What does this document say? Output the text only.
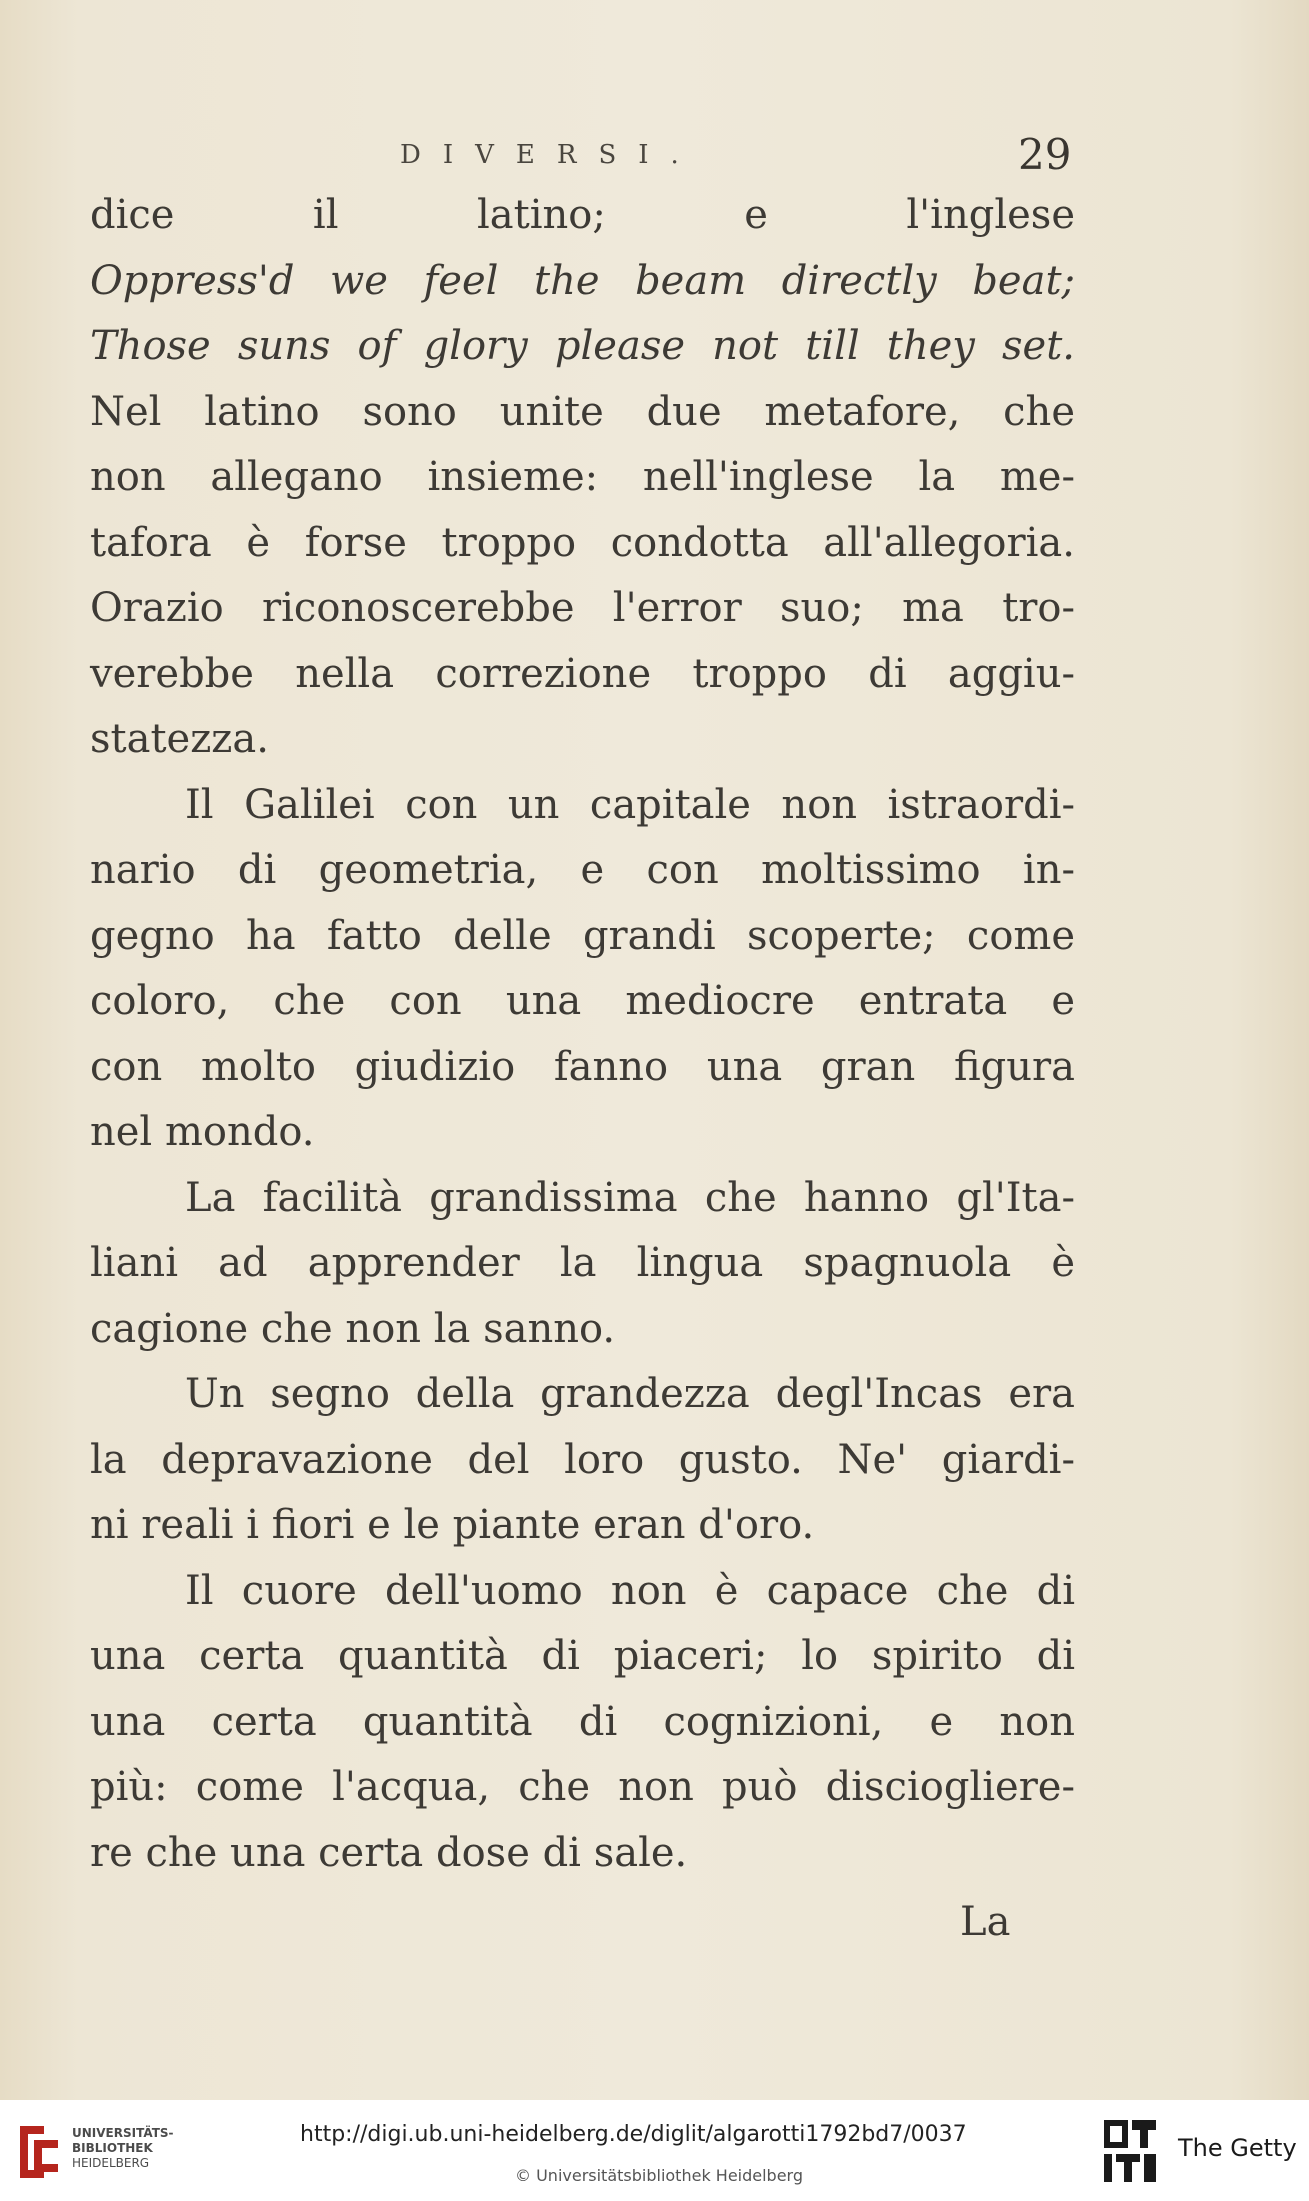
DIVERSI.	29
dice il latino; e l'inglese
Oppress'd we feel the beam directly beat;
Those suns of glory please not till they set.
Nel latino sono unite due metafore, che
non allegano insieme: nell'inglese la me-
tafora è forse troppo condotta all'allegoria.
Orazio riconoscerebbe l'error suo; ma tro-
verebbe nella correzione troppo di aggiu-
statezza.
Il Galilei con un capitale non istraordi-
nario di geometria, e con moltissimo in-
gegno ha fatto delle grandi scoperte; come
coloro, che con una mediocre entrata e
con molto giudizio fanno una gran figura
nel mondo.
La facilità grandissima che hanno gl'Ita-
liani ad apprender la lingua spagnuola è
cagione che non la sanno.
Un segno della grandezza degl'Incas era
la depravazione del loro gusto. Ne' giardi-
ni reali i fiori e le piante eran d'oro.
Il cuore dell'uomo non è capace che di
una certa quantità di piaceri; lo spirito di
una certa quantità di cognizioni, e non
più: come l'acqua, che non può disciogliere-
re che una certa dose di sale.
La
UNIVERSITÄTS-
BIBLIOTHEK
HEIDELBERG
http://digi.ub.uni-heidelberg.de/diglit/algarotti1792bd7/0037
© Universitätsbibliothek Heidelberg
The Getty
